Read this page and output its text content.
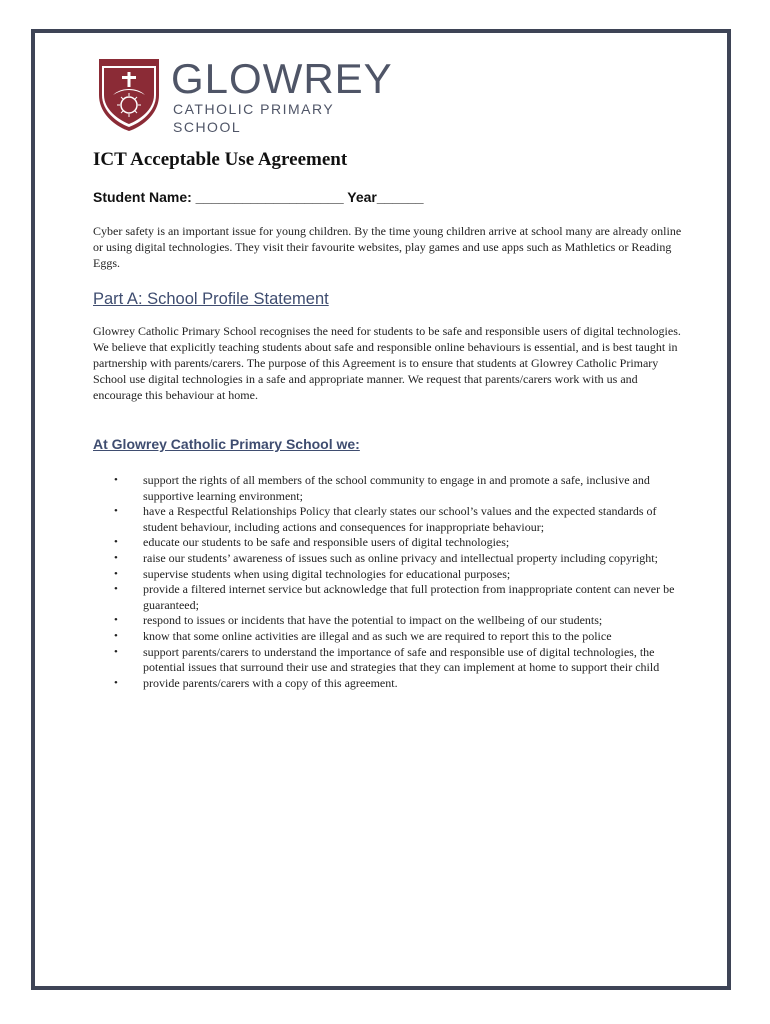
GLOWREY
CATHOLIC PRIMARY SCHOOL
ICT Acceptable Use Agreement
Student Name: ___________________ Year______

Cyber safety is an important issue for young children. By the time young children arrive at school many are already online or using digital technologies. They visit their favourite websites, play games and use apps such as Mathletics or Reading Eggs.

Part A: School Profile Statement

Glowrey Catholic Primary School recognises the need for students to be safe and responsible users of digital technologies. We believe that explicitly teaching students about safe and responsible online behaviours is essential, and is best taught in partnership with parents/carers. The purpose of this Agreement is to ensure that students at Glowrey Catholic Primary School use digital technologies in a safe and appropriate manner. We request that parents/carers work with us and encourage this behaviour at home.

At Glowrey Catholic Primary School we:
• support the rights of all members of the school community to engage in and promote a safe, inclusive and supportive learning environment;
• have a Respectful Relationships Policy that clearly states our school’s values and the expected standards of student behaviour, including actions and consequences for inappropriate behaviour;
• educate our students to be safe and responsible users of digital technologies;
• raise our students’ awareness of issues such as online privacy and intellectual property including copyright;
• supervise students when using digital technologies for educational purposes;
• provide a filtered internet service but acknowledge that full protection from inappropriate content can never be guaranteed;
• respond to issues or incidents that have the potential to impact on the wellbeing of our students;
• know that some online activities are illegal and as such we are required to report this to the police
• support parents/carers to understand the importance of safe and responsible use of digital technologies, the potential issues that surround their use and strategies that they can implement at home to support their child
• provide parents/carers with a copy of this agreement.
